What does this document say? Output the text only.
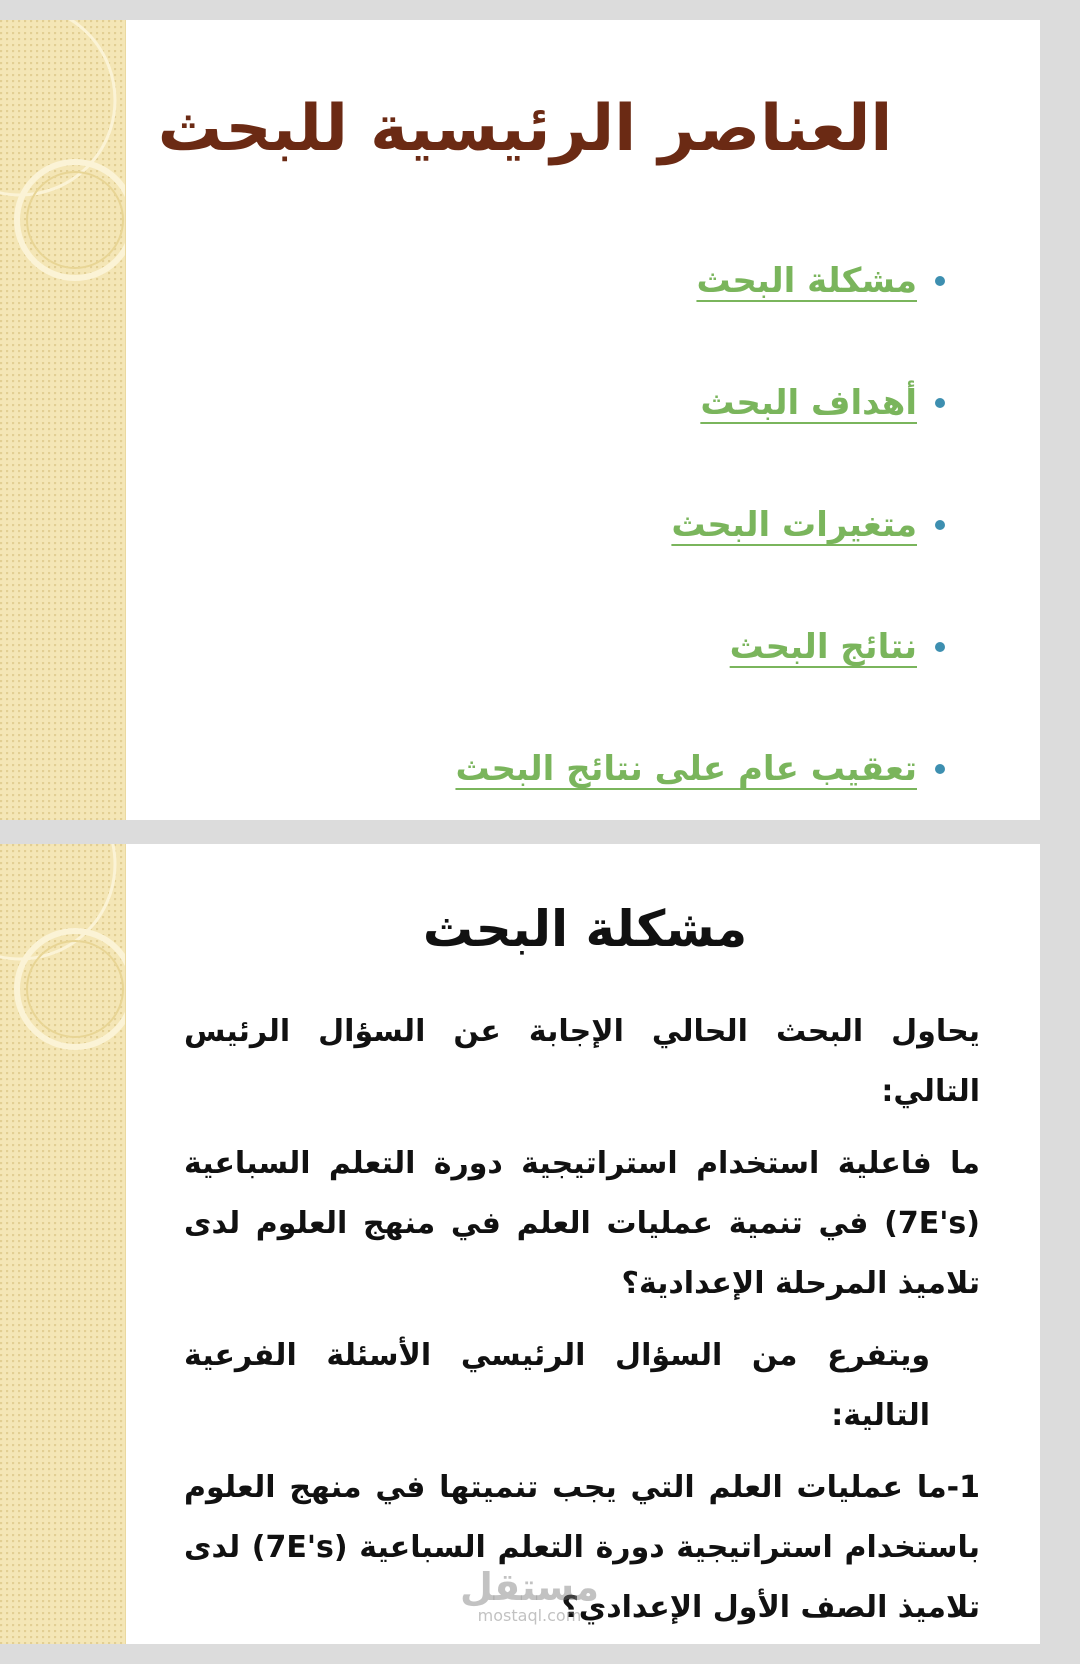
العناصر الرئيسية للبحث
مشكلة البحث
أهداف البحث
متغيرات البحث
نتائج البحث
تعقيب عام على نتائج البحث
مشكلة البحث

يحاول البحث الحالي الإجابة عن السؤال الرئيس التالي:

ما فاعلية استخدام استراتيجية دورة التعلم السباعية (7E's) في تنمية عمليات العلم في منهج العلوم لدى تلاميذ المرحلة الإعدادية؟

ويتفرع من السؤال الرئيسي الأسئلة الفرعية التالية:

1-ما عمليات العلم التي يجب تنميتها في منهج العلوم باستخدام استراتيجية دورة التعلم السباعية (7E's) لدى تلاميذ الصف الأول الإعدادي؟

مستقل
mostaql.com
